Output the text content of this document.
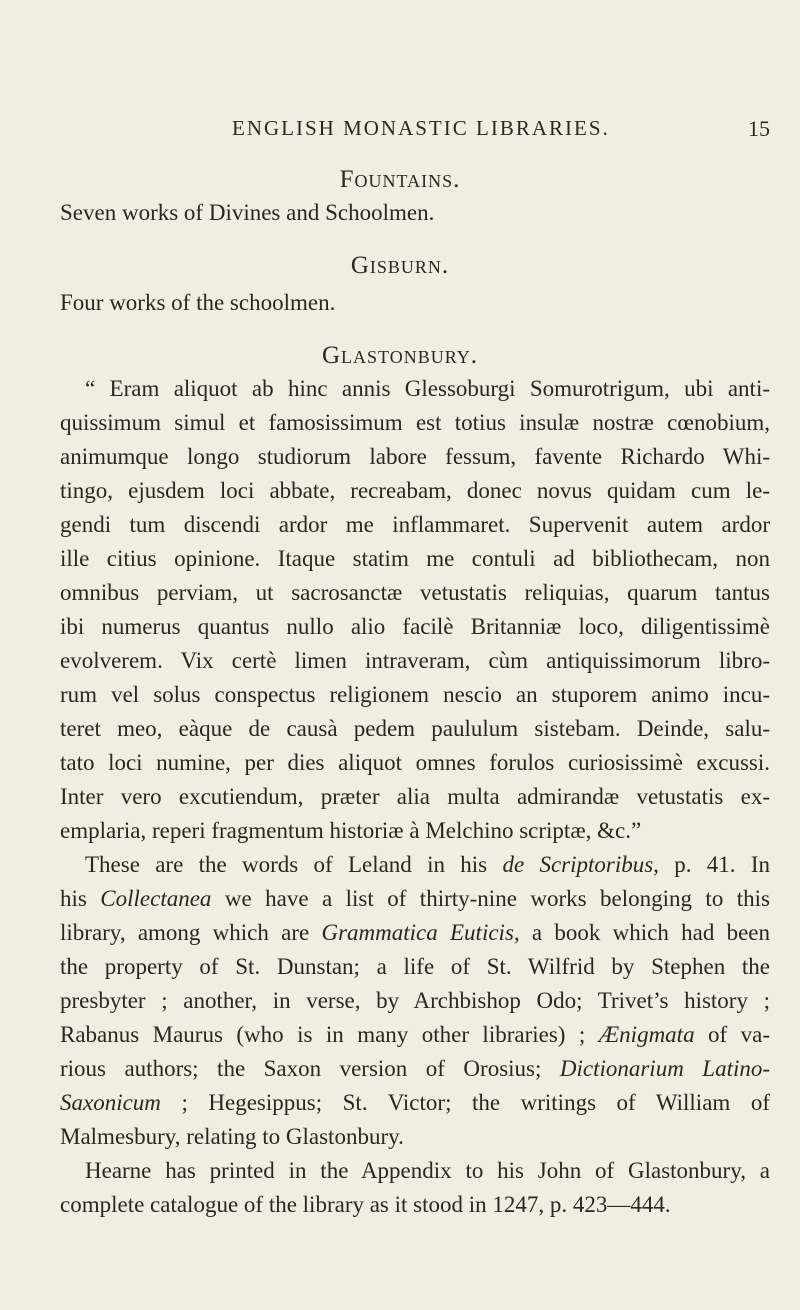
ENGLISH MONASTIC LIBRARIES.	15
Fountains.
Seven works of Divines and Schoolmen.
Gisburn.
Four works of the schoolmen.
Glastonbury.
“ Eram aliquot ab hinc annis Glessoburgi Somurotrigum, ubi anti-
quissimum simul et famosissimum est totius insulæ nostræ cœnobium,
animumque longo studiorum labore fessum, favente Richardo Whi-
tingo, ejusdem loci abbate, recreabam, donec novus quidam cum le-
gendi tum discendi ardor me inflammaret. Supervenit autem ardor
ille citius opinione. Itaque statim me contuli ad bibliothecam, non
omnibus perviam, ut sacrosanctæ vetustatis reliquias, quarum tantus
ibi numerus quantus nullo alio facilè Britanniæ loco, diligentissimè
evolverem. Vix certè limen intraveram, cùm antiquissimorum libro-
rum vel solus conspectus religionem nescio an stuporem animo incu-
teret meo, eàque de causà pedem paululum sistebam. Deinde, salu-
tato loci numine, per dies aliquot omnes forulos curiosissimè excussi.
Inter vero excutiendum, præter alia multa admirandæ vetustatis ex-
emplaria, reperi fragmentum historiæ à Melchino scriptæ, &c.”
These are the words of Leland in his de Scriptoribus, p. 41. In
his Collectanea we have a list of thirty-nine works belonging to this
library, among which are Grammatica Euticis, a book which had been
the property of St. Dunstan; a life of St. Wilfrid by Stephen the
presbyter ; another, in verse, by Archbishop Odo; Trivet’s history ;
Rabanus Maurus (who is in many other libraries) ; Ænigmata of va-
rious authors; the Saxon version of Orosius; Dictionarium Latino-
Saxonicum ; Hegesippus; St. Victor; the writings of William of
Malmesbury, relating to Glastonbury.
Hearne has printed in the Appendix to his John of Glastonbury, a
complete catalogue of the library as it stood in 1247, p. 423—444.
